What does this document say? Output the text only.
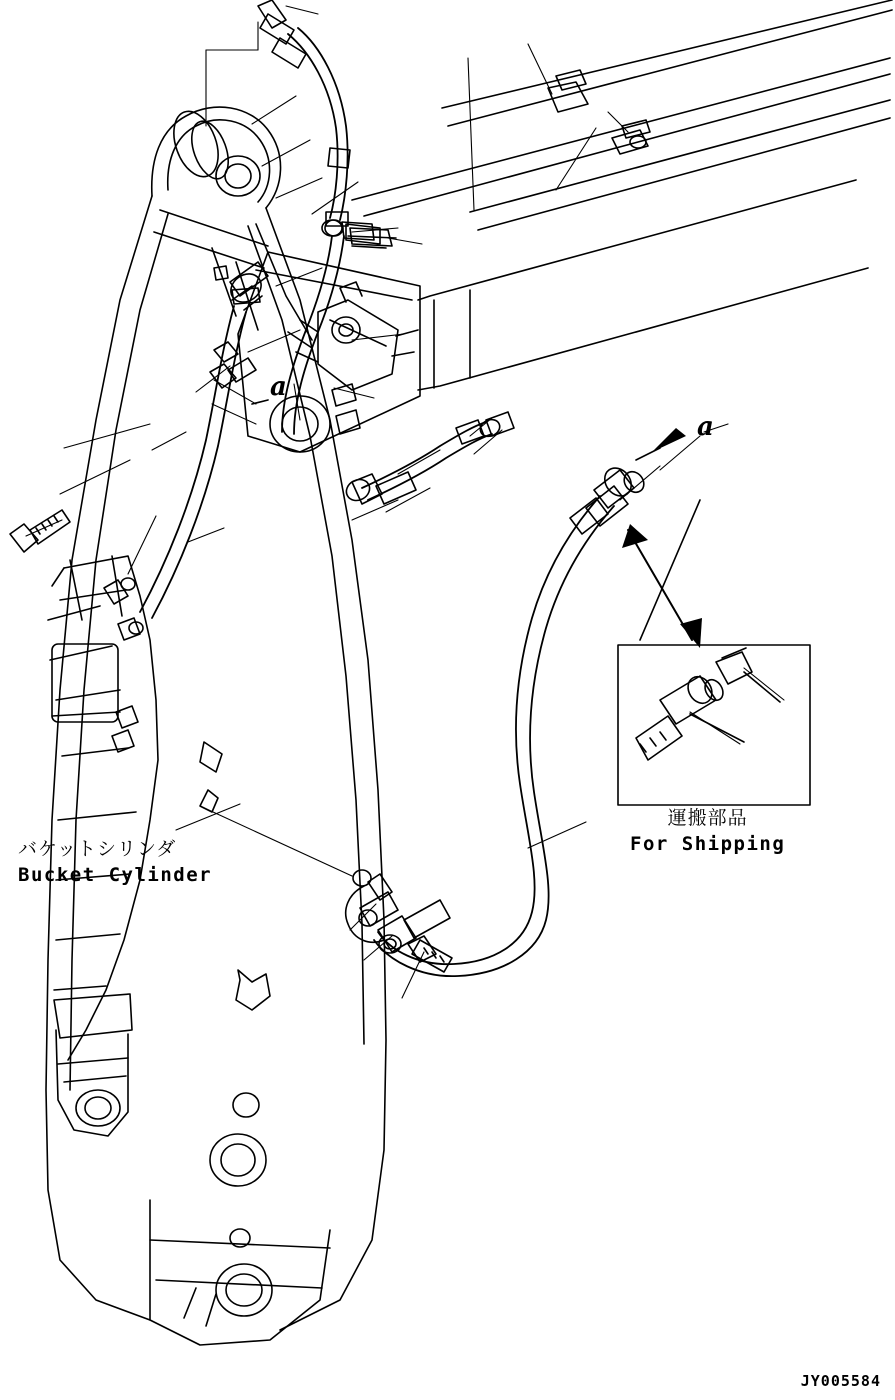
バケットシリンダ
Bucket Cylinder
運搬部品
For Shipping
a
a
JY005584
